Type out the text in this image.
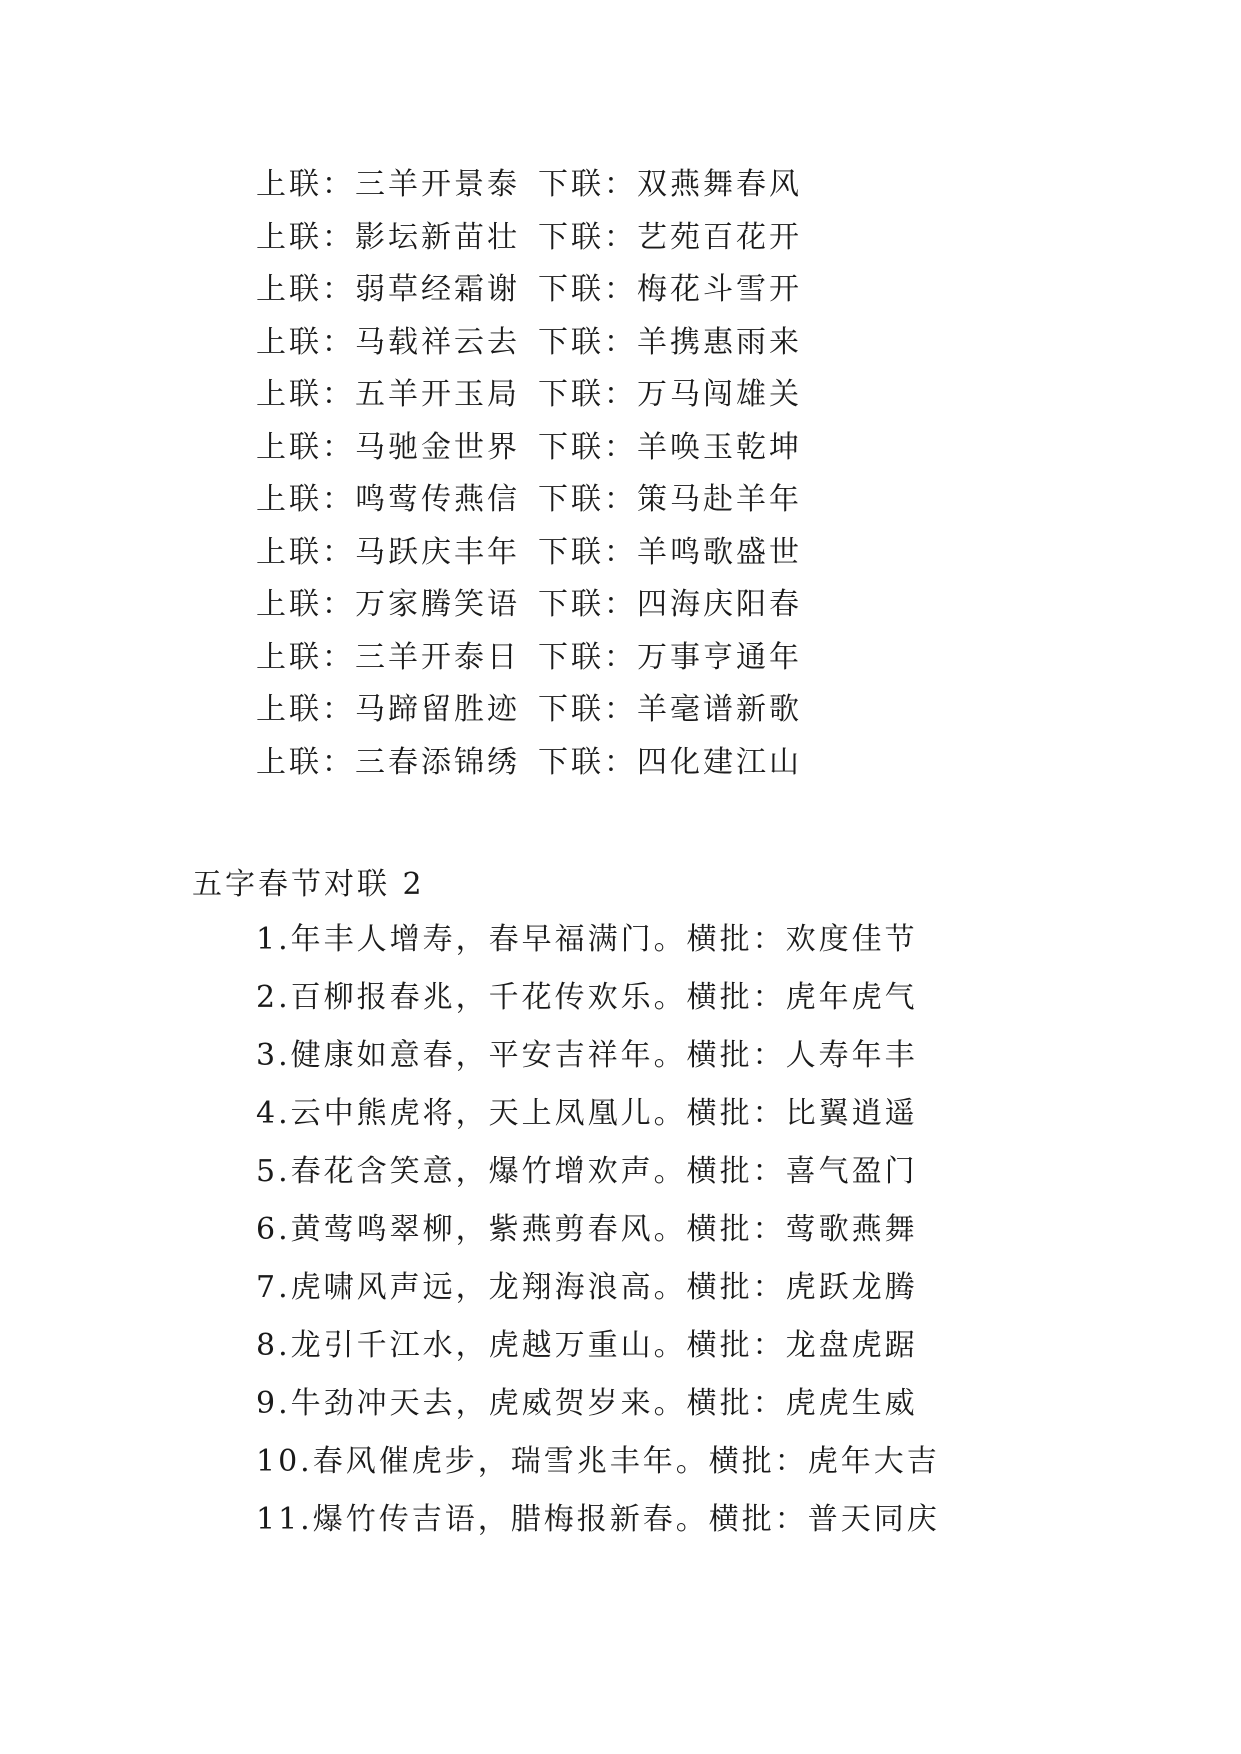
上联：三羊开景泰 下联：双燕舞春风
上联：影坛新苗壮 下联：艺苑百花开
上联：弱草经霜谢 下联：梅花斗雪开
上联：马载祥云去 下联：羊携惠雨来
上联：五羊开玉局 下联：万马闯雄关
上联：马驰金世界 下联：羊唤玉乾坤
上联：鸣莺传燕信 下联：策马赴羊年
上联：马跃庆丰年 下联：羊鸣歌盛世
上联：万家腾笑语 下联：四海庆阳春
上联：三羊开泰日 下联：万事亨通年
上联：马蹄留胜迹 下联：羊毫谱新歌
上联：三春添锦绣 下联：四化建江山
五字春节对联 2
1.年丰人增寿，春早福满门。横批：欢度佳节
2.百柳报春兆，千花传欢乐。横批：虎年虎气
3.健康如意春，平安吉祥年。横批：人寿年丰
4.云中熊虎将，天上凤凰儿。横批：比翼逍遥
5.春花含笑意，爆竹增欢声。横批：喜气盈门
6.黄莺鸣翠柳，紫燕剪春风。横批：莺歌燕舞
7.虎啸风声远，龙翔海浪高。横批：虎跃龙腾
8.龙引千江水，虎越万重山。横批：龙盘虎踞
9.牛劲冲天去，虎威贺岁来。横批：虎虎生威
10.春风催虎步，瑞雪兆丰年。横批：虎年大吉
11.爆竹传吉语，腊梅报新春。横批：普天同庆
